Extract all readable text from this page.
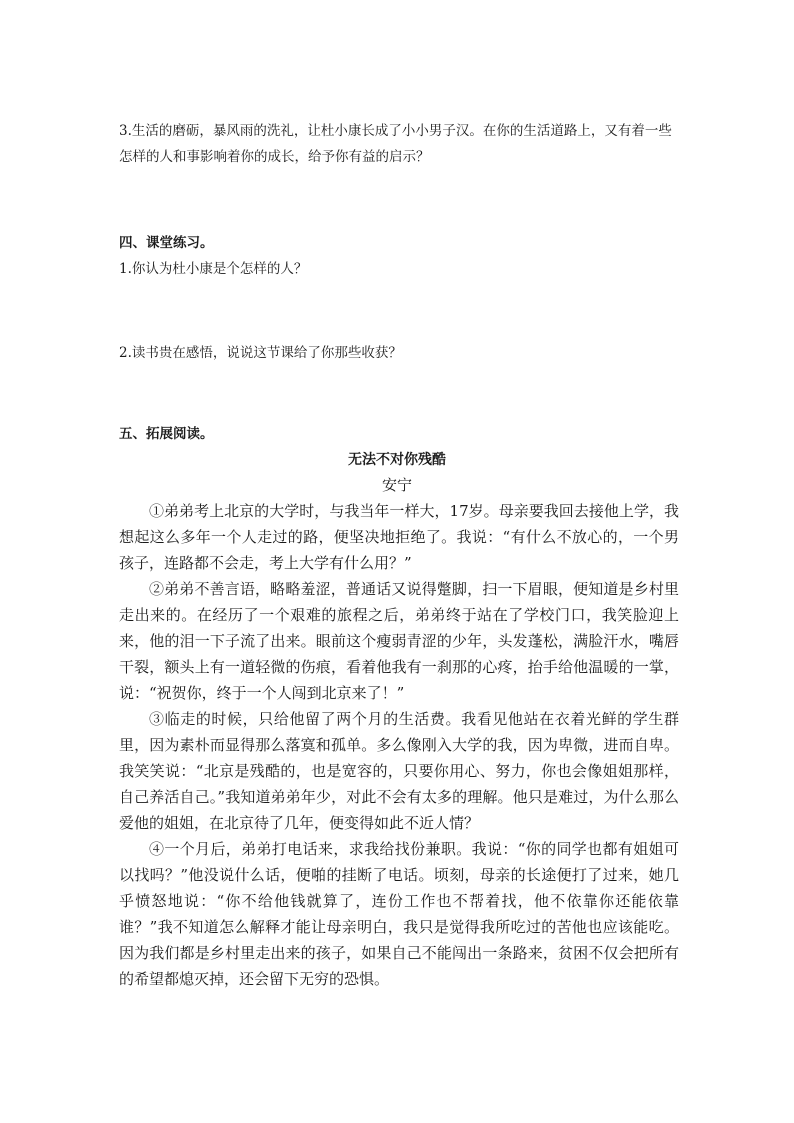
3.生活的磨砺，暴风雨的洗礼，让杜小康长成了小小男子汉。在你的生活道路上，又有着一些怎样的人和事影响着你的成长，给予你有益的启示？
四、课堂练习。
1.你认为杜小康是个怎样的人？
2.读书贵在感悟，说说这节课给了你那些收获？
五、拓展阅读。
无法不对你残酷
安宁

①弟弟考上北京的大学时，与我当年一样大，17岁。母亲要我回去接他上学，我想起这么多年一个人走过的路，便坚决地拒绝了。我说：“有什么不放心的，一个男孩子，连路都不会走，考上大学有什么用？”

②弟弟不善言语，略略羞涩，普通话又说得蹩脚，扫一下眉眼，便知道是乡村里走出来的。在经历了一个艰难的旅程之后，弟弟终于站在了学校门口，我笑脸迎上来，他的泪一下子流了出来。眼前这个瘦弱青涩的少年，头发蓬松，满脸汗水，嘴唇干裂，额头上有一道轻微的伤痕，看着他我有一刹那的心疼，抬手给他温暖的一掌，说：“祝贺你，终于一个人闯到北京来了！”

③临走的时候，只给他留了两个月的生活费。我看见他站在衣着光鲜的学生群里，因为素朴而显得那么落寞和孤单。多么像刚入大学的我，因为卑微，进而自卑。我笑笑说：“北京是残酷的，也是宽容的，只要你用心、努力，你也会像姐姐那样，自己养活自己。”我知道弟弟年少，对此不会有太多的理解。他只是难过，为什么那么爱他的姐姐，在北京待了几年，便变得如此不近人情？

④一个月后，弟弟打电话来，求我给找份兼职。我说：“你的同学也都有姐姐可以找吗？”他没说什么话，便啪的挂断了电话。顷刻，母亲的长途便打了过来，她几乎愤怒地说：“你不给他钱就算了，连份工作也不帮着找，他不依靠你还能依靠谁？”我不知道怎么解释才能让母亲明白，我只是觉得我所吃过的苦他也应该能吃。因为我们都是乡村里走出来的孩子，如果自己不能闯出一条路来，贫困不仅会把所有的希望都熄灭掉，还会留下无穷的恐惧。
